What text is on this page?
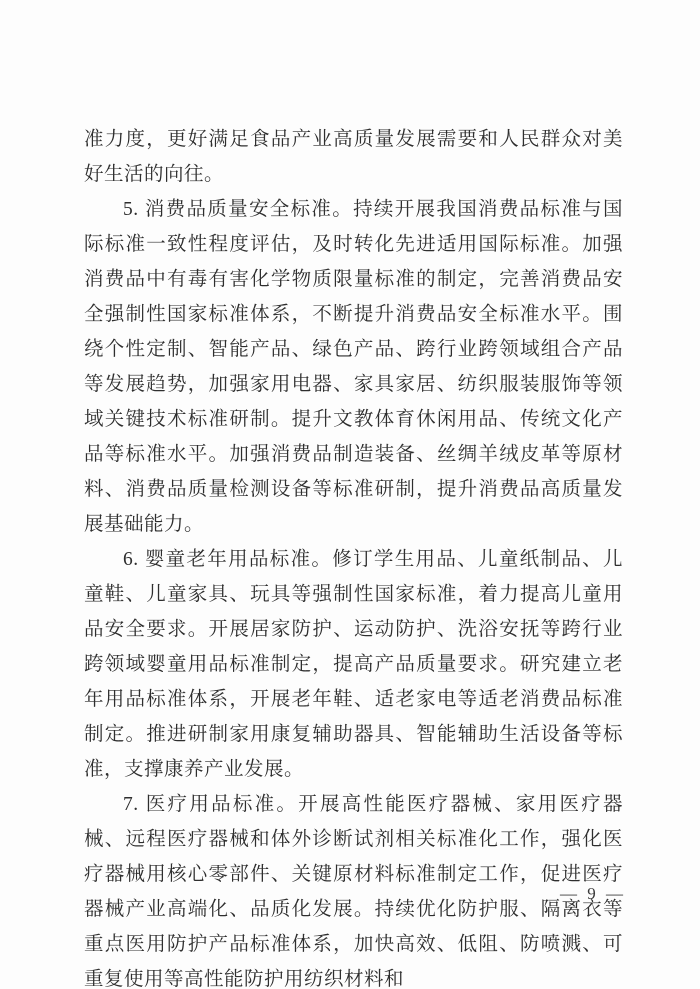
准力度，更好满足食品产业高质量发展需要和人民群众对美好生活的向往。

5. 消费品质量安全标准。持续开展我国消费品标准与国际标准一致性程度评估，及时转化先进适用国际标准。加强消费品中有毒有害化学物质限量标准的制定，完善消费品安全强制性国家标准体系，不断提升消费品安全标准水平。围绕个性定制、智能产品、绿色产品、跨行业跨领域组合产品等发展趋势，加强家用电器、家具家居、纺织服装服饰等领域关键技术标准研制。提升文教体育休闲用品、传统文化产品等标准水平。加强消费品制造装备、丝绸羊绒皮革等原材料、消费品质量检测设备等标准研制，提升消费品高质量发展基础能力。

6. 婴童老年用品标准。修订学生用品、儿童纸制品、儿童鞋、儿童家具、玩具等强制性国家标准，着力提高儿童用品安全要求。开展居家防护、运动防护、洗浴安抚等跨行业跨领域婴童用品标准制定，提高产品质量要求。研究建立老年用品标准体系，开展老年鞋、适老家电等适老消费品标准制定。推进研制家用康复辅助器具、智能辅助生活设备等标准，支撑康养产业发展。

7. 医疗用品标准。开展高性能医疗器械、家用医疗器械、远程医疗器械和体外诊断试剂相关标准化工作，强化医疗器械用核心零部件、关键原材料标准制定工作，促进医疗器械产业高端化、品质化发展。持续优化防护服、隔离衣等重点医用防护产品标准体系，加快高效、低阻、防喷溅、可重复使用等高性能防护用纺织材料和

— 9 —
